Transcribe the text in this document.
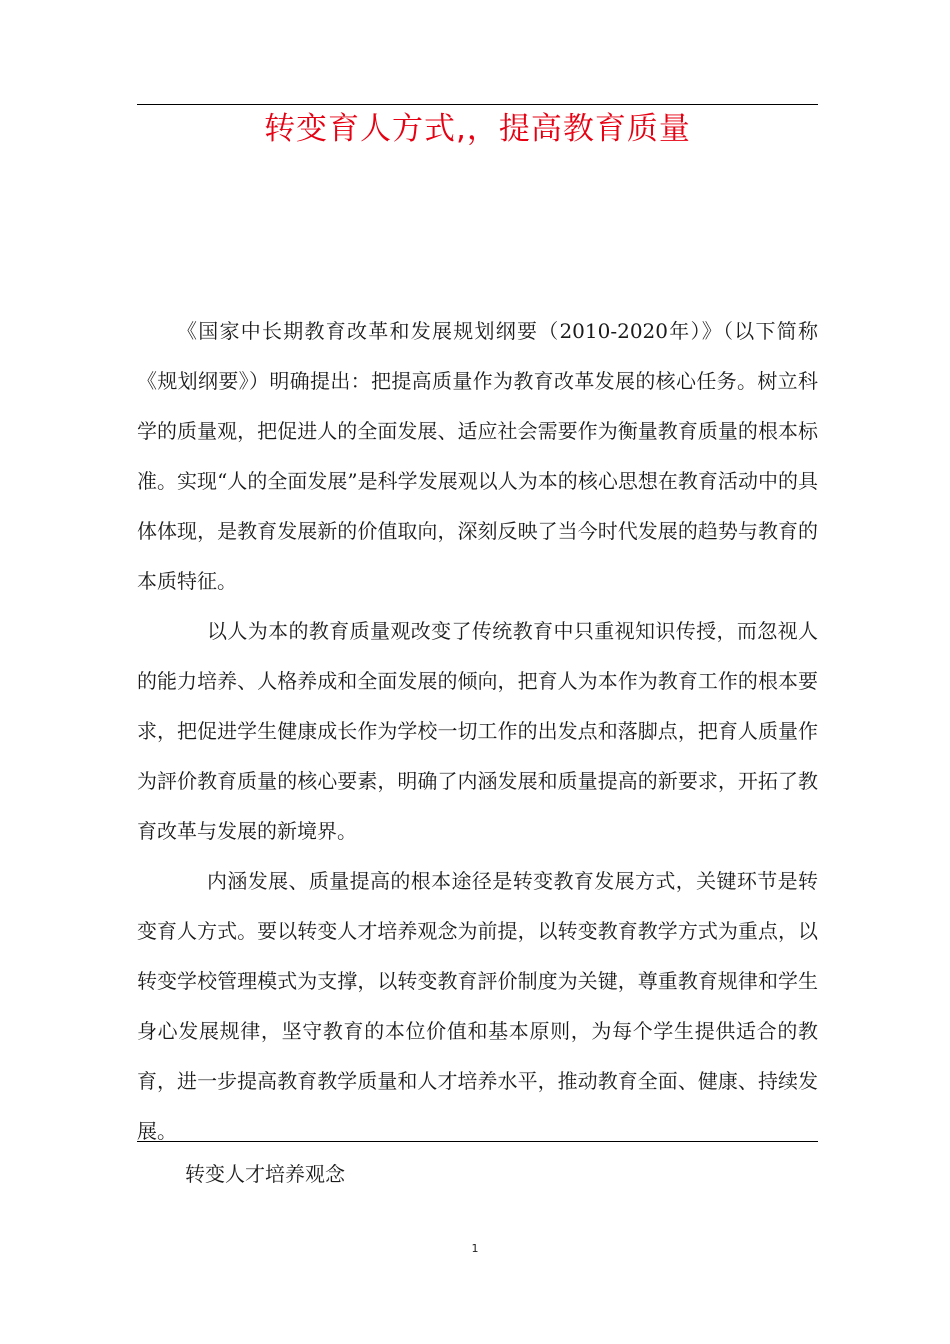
转变育人方式,，提高教育质量

《国家中长期教育改革和发展规划纲要（2010-2020年）》（以下简称《规划纲要》）明确提出：把提高质量作为教育改革发展的核心任务。树立科学的质量观，把促进人的全面发展、适应社会需要作为衡量教育质量的根本标准。实现“人的全面发展”是科学发展观以人为本的核心思想在教育活动中的具体体现，是教育发展新的价值取向，深刻反映了当今时代发展的趋势与教育的本质特征。

以人为本的教育质量观改变了传统教育中只重视知识传授，而忽视人的能力培养、人格养成和全面发展的倾向，把育人为本作为教育工作的根本要求，把促进学生健康成长作为学校一切工作的出发点和落脚点，把育人质量作为評价教育质量的核心要素，明确了内涵发展和质量提高的新要求，开拓了教育改革与发展的新境界。

内涵发展、质量提高的根本途径是转变教育发展方式，关键环节是转变育人方式。要以转变人才培养观念为前提，以转变教育教学方式为重点，以转变学校管理模式为支撑，以转变教育評价制度为关键，尊重教育规律和学生身心发展规律，坚守教育的本位价值和基本原则，为每个学生提供适合的教育，进一步提高教育教学质量和人才培养水平，推动教育全面、健康、持续发展。

转变人才培养观念
1
